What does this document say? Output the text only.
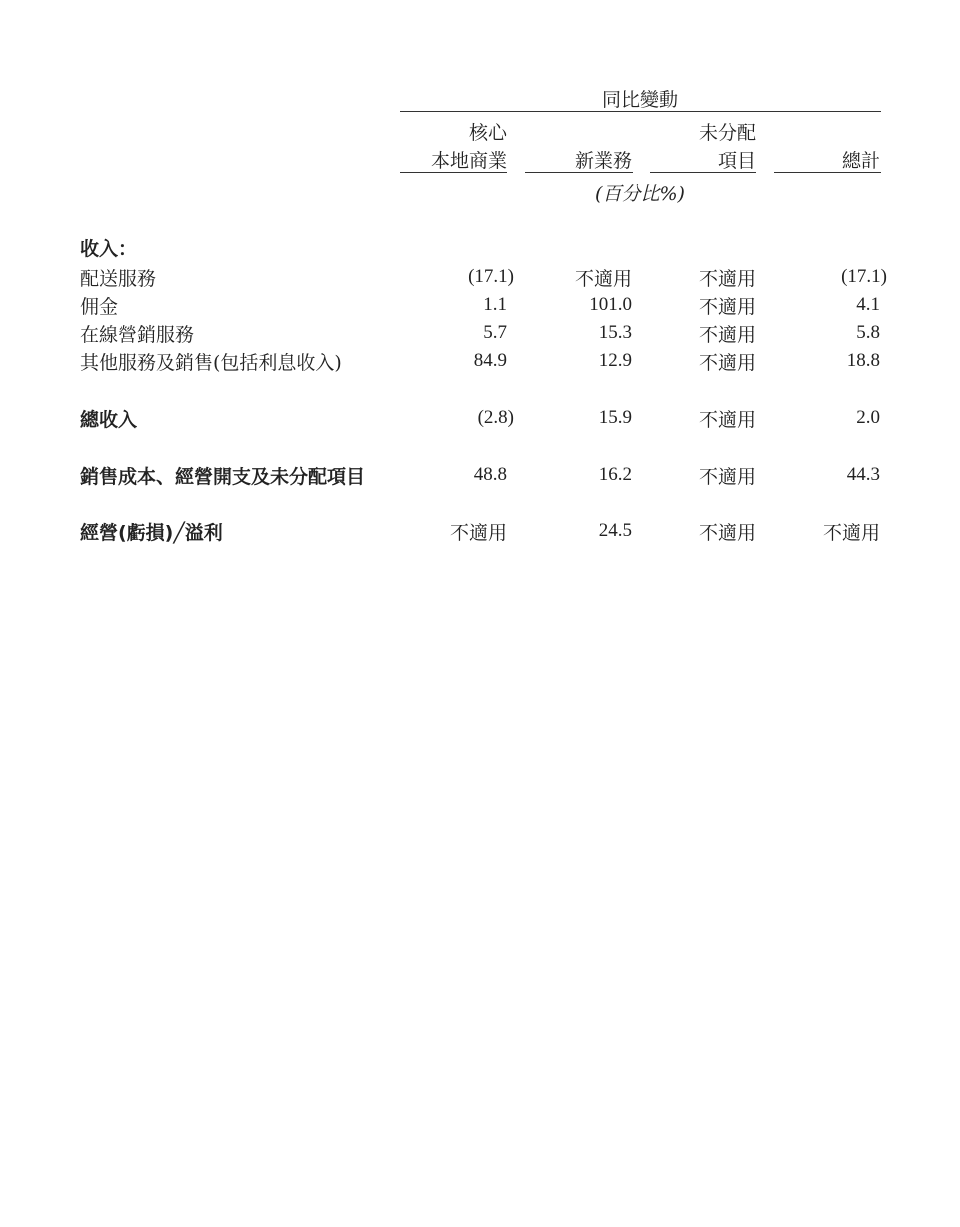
同比變動
核心
本地商業	新業務
未分配
項目	總計
(百分比%)
收入：
配送服務	(17.1)	不適用	不適用	(17.1)
佣金	1.1	101.0	不適用	4.1
在線營銷服務	5.7	15.3	不適用	5.8
其他服務及銷售(包括利息收入)	84.9	12.9	不適用	18.8
總收入	(2.8)	15.9	不適用	2.0
銷售成本、經營開支及未分配項目	48.8	16.2	不適用	44.3
經營(虧損)╱溢利	不適用	24.5	不適用	不適用
